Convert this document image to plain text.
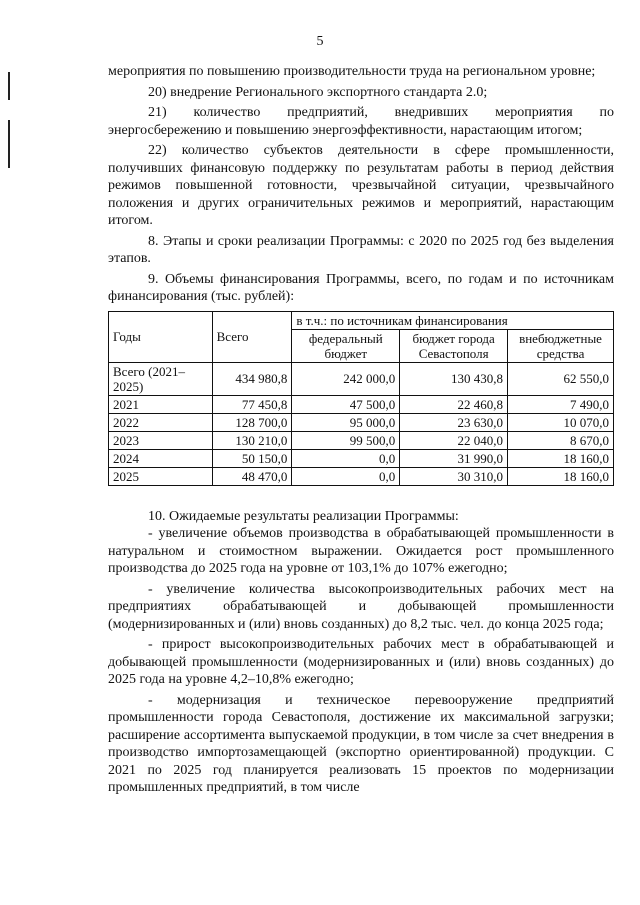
5

мероприятия по повышению производительности труда на региональном уровне;

20) внедрение Регионального экспортного стандарта 2.0;

21) количество предприятий, внедривших мероприятия по энергосбережению и повышению энергоэффективности, нарастающим итогом;

22) количество субъектов деятельности в сфере промышленности, получивших финансовую поддержку по результатам работы в период действия режимов повышенной готовности, чрезвычайной ситуации, чрезвычайного положения и других ограничительных режимов и мероприятий, нарастающим итогом.

8. Этапы и сроки реализации Программы: с 2020 по 2025 год без выделения этапов.

9. Объемы финансирования Программы, всего, по годам и по источникам финансирования (тыс. рублей):

Годы	Всего	в т.ч.: по источникам финансирования		
		федеральный бюджет	бюджет города Севастополя	внебюджетные средства
Всего (2021–2025)	434 980,8	242 000,0	130 430,8	62 550,0
2021	77 450,8	47 500,0	22 460,8	7 490,0
2022	128 700,0	95 000,0	23 630,0	10 070,0
2023	130 210,0	99 500,0	22 040,0	8 670,0
2024	50 150,0	0,0	31 990,0	18 160,0
2025	48 470,0	0,0	30 310,0	18 160,0

10. Ожидаемые результаты реализации Программы:

- увеличение объемов производства в обрабатывающей промышленности в натуральном и стоимостном выражении. Ожидается рост промышленного производства до 2025 года на уровне от 103,1% до 107% ежегодно;

- увеличение количества высокопроизводительных рабочих мест на предприятиях обрабатывающей и добывающей промышленности (модернизированных и (или) вновь созданных) до 8,2 тыс. чел. до конца 2025 года;

- прирост высокопроизводительных рабочих мест в обрабатывающей и добывающей промышленности (модернизированных и (или) вновь созданных) до 2025 года на уровне 4,2–10,8% ежегодно;

- модернизация и техническое перевооружение предприятий промышленности города Севастополя, достижение их максимальной загрузки; расширение ассортимента выпускаемой продукции, в том числе за счет внедрения в производство импортозамещающей (экспортно ориентированной) продукции. С 2021 по 2025 год планируется реализовать 15 проектов по модернизации промышленных предприятий, в том числе
